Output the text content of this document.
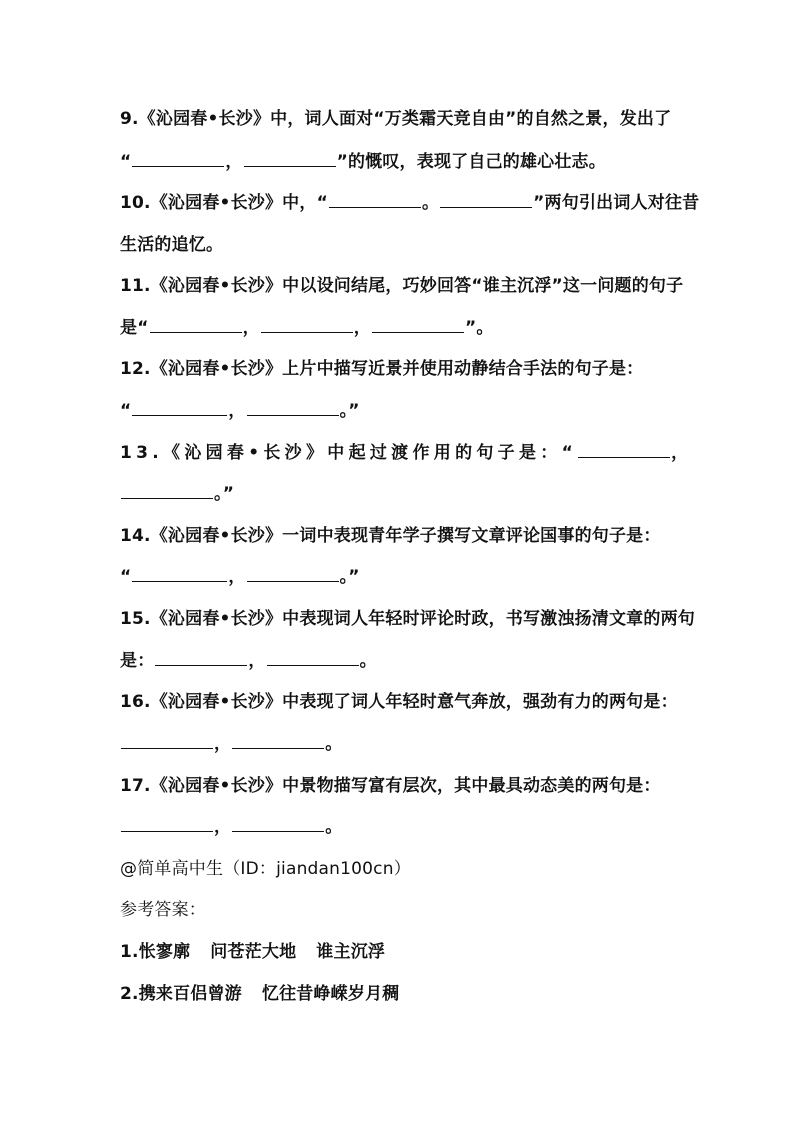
9.《沁园春•长沙》中，词人面对“万类霜天竞自由”的自然之景，发出了
“	，	”的慨叹，表现了自己的雄心壮志。
10.《沁园春•长沙》中，“	。	”两句引出词人对往昔
生活的追忆。
11.《沁园春•长沙》中以设问结尾，巧妙回答“谁主沉浮”这一问题的句子
是“	，	，	”。
12.《沁园春•长沙》上片中描写近景并使用动静结合手法的句子是：
“	，	。”
13.《沁园春•长沙》中起过渡作用的句子是：“	，
。”
14.《沁园春•长沙》一词中表现青年学子撰写文章评论国事的句子是：
“	，	。”
15.《沁园春•长沙》中表现词人年轻时评论时政，书写激浊扬清文章的两句
是：	，	。
16.《沁园春•长沙》中表现了词人年轻时意气奔放，强劲有力的两句是：
，	。
17.《沁园春•长沙》中景物描写富有层次，其中最具动态美的两句是：
，	。
@简单高中生（ID：jiandan100cn）
参考答案：
1.怅寥廓 问苍茫大地 谁主沉浮
2.携来百侣曾游 忆往昔峥嵘岁月稠
